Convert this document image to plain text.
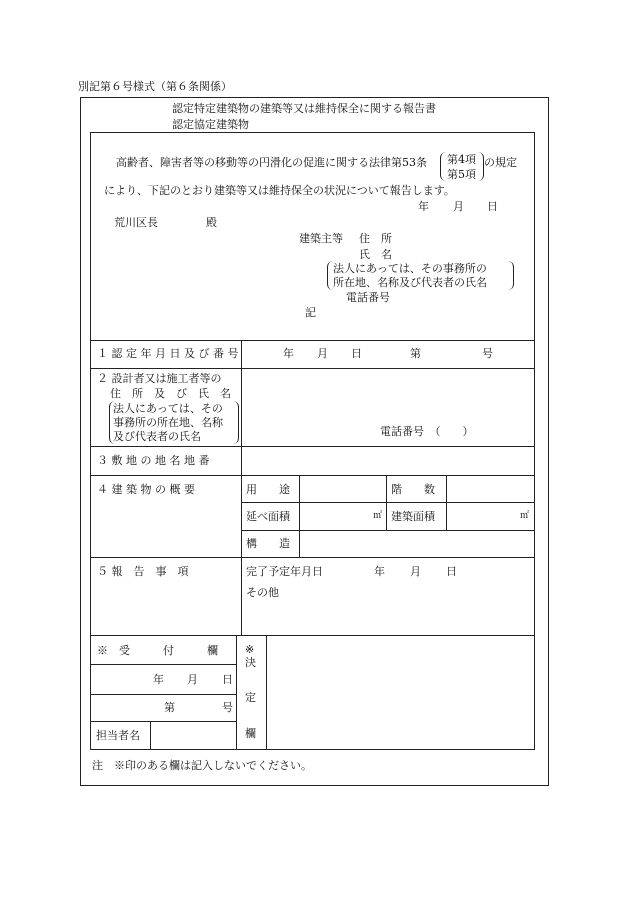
別記第６号様式（第６条関係）
認定特定建築物の建築等又は維持保全に関する報告書
認定協定建築物
高齢者、障害者等の移動等の円滑化の促進に関する法律第53条 第4項
第5項
の規定
により、下記のとおり建築等又は維持保全の状況について報告します。
年 月 日
荒川区長	殿
建築主等 住　所
氏　名
法人にあっては、その事務所の
所在地、名称及び代表者の氏名
電話番号
記
１ 認 定 年 月 日 及 び 番 号	年 月 日	第	号
２ 設計者又は施工者等の
住　所　及　び　氏　名
法人にあっては、その
事務所の所在地、名称
及び代表者の氏名	電話番号　（　　）
３ 敷 地 の 地 名 地 番
４ 建 築 物 の 概 要	用　　途	階　　数
延べ面積	㎡ 建築面積	㎡
構　　造
５ 報　告　事　項	完了予定年月日	年 月 日
その他
※　受　　　付　　　欄
年 月 日
第	号
担当者名
※
決
定
欄
注　※印のある欄は記入しないでください。
